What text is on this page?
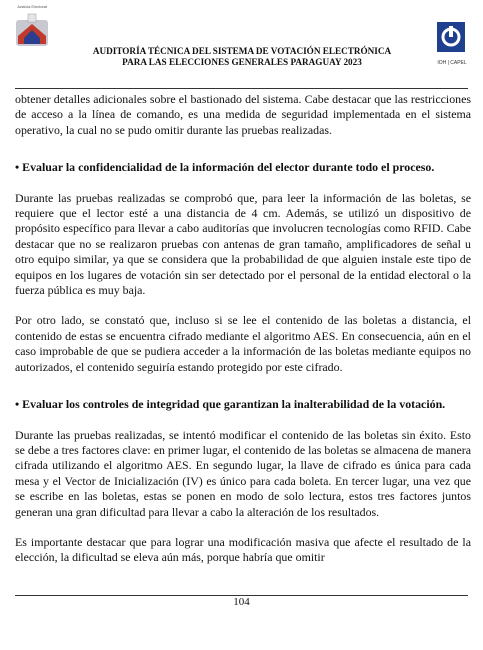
Justicia Electoral
AUDITORÍA TÉCNICA DEL SISTEMA DE VOTACIÓN ELECTRÓNICA
PARA LAS ELECCIONES GENERALES PARAGUAY 2023	IOH | CAPEL

obtener detalles adicionales sobre el bastionado del sistema. Cabe destacar que las restricciones de acceso a la línea de comando, es una medida de seguridad implementada en el sistema operativo, la cual no se pudo omitir durante las pruebas realizadas.

• Evaluar la confidencialidad de la información del elector durante todo el proceso.

Durante las pruebas realizadas se comprobó que, para leer la información de las boletas, se requiere que el lector esté a una distancia de 4 cm. Además, se utilizó un dispositivo de propósito específico para llevar a cabo auditorías que involucren tecnologías como RFID. Cabe destacar que no se realizaron pruebas con antenas de gran tamaño, amplificadores de señal u otro equipo similar, ya que se considera que la probabilidad de que alguien instale este tipo de equipos en los lugares de votación sin ser detectado por el personal de la entidad electoral o la fuerza pública es muy baja.

Por otro lado, se constató que, incluso si se lee el contenido de las boletas a distancia, el contenido de estas se encuentra cifrado mediante el algoritmo AES. En consecuencia, aún en el caso improbable de que se pudiera acceder a la información de las boletas mediante equipos no autorizados, el contenido seguiría estando protegido por este cifrado.

• Evaluar los controles de integridad que garantizan la inalterabilidad de la votación.

Durante las pruebas realizadas, se intentó modificar el contenido de las boletas sin éxito. Esto se debe a tres factores clave: en primer lugar, el contenido de las boletas se almacena de manera cifrada utilizando el algoritmo AES. En segundo lugar, la llave de cifrado es única para cada mesa y el Vector de Inicialización (IV) es único para cada boleta. En tercer lugar, una vez que se escribe en las boletas, estas se ponen en modo de solo lectura, estos tres factores juntos generan una gran dificultad para llevar a cabo la alteración de los resultados.

Es importante destacar que para lograr una modificación masiva que afecte el resultado de la elección, la dificultad se eleva aún más, porque habría que omitir

104
